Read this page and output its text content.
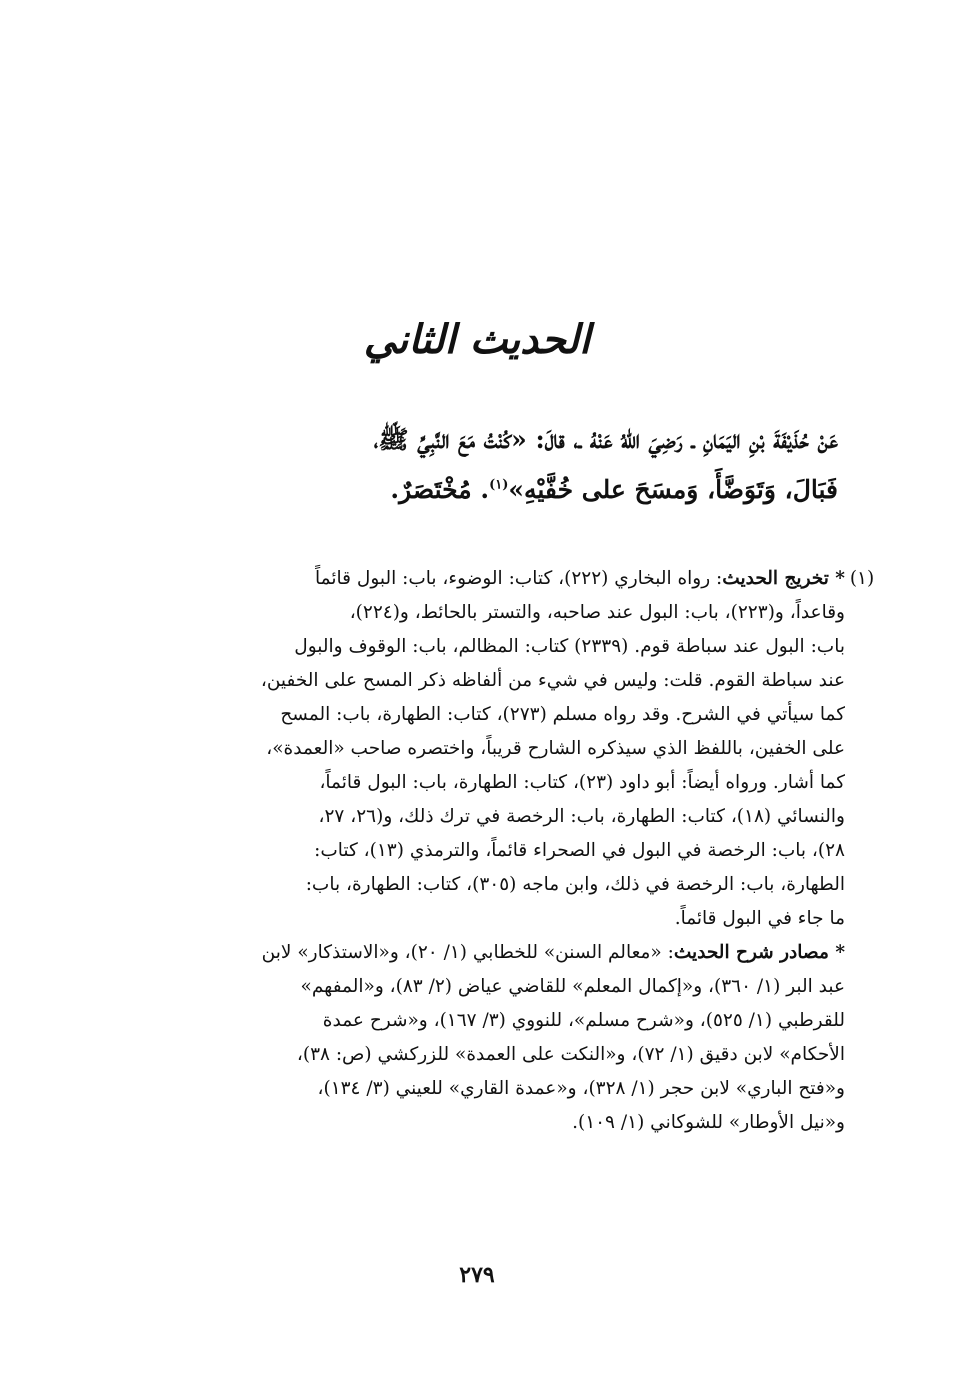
الحديث الثاني

عَنْ حُذَيْفَةَ بْنِ اليَمَانِ ـ رَضِيَ اللهُ عَنْهُ ـ، قالَ: «كُنْتُ مَعَ النَّبِيِّ ﷺ،
فَبَالَ، وَتَوَضَّأَ، وَمسَحَ على خُفَّيْهِ»$^{(١)}$. مُخْتَصَرٌ.

(١)
* تخريج الحديث: رواه البخاري (٢٢٢)، كتاب: الوضوء، باب: البول قائماً
وقاعداً، و(٢٢٣)، باب: البول عند صاحبه، والتستر بالحائط، و(٢٢٤)،
باب: البول عند سباطة قوم. (٢٣٣٩) كتاب: المظالم، باب: الوقوف والبول
عند سباطة القوم. قلت: وليس في شيء من ألفاظه ذكر المسح على الخفين،
كما سيأتي في الشرح. وقد رواه مسلم (٢٧٣)، كتاب: الطهارة، باب: المسح
على الخفين، باللفظ الذي سيذكره الشارح قريباً، واختصره صاحب «العمدة»،
كما أشار. ورواه أيضاً: أبو داود (٢٣)، كتاب: الطهارة، باب: البول قائماً،
والنسائي (١٨)، كتاب: الطهارة، باب: الرخصة في ترك ذلك، و(٢٦، ٢٧،
٢٨)، باب: الرخصة في البول في الصحراء قائماً، والترمذي (١٣)، كتاب:
الطهارة، باب: الرخصة في ذلك، وابن ماجه (٣٠٥)، كتاب: الطهارة، باب:
ما جاء في البول قائماً.
* مصادر شرح الحديث: «معالم السنن» للخطابي (١/ ٢٠)، و«الاستذكار» لابن
عبد البر (١/ ٣٦٠)، و«إكمال المعلم» للقاضي عياض (٢/ ٨٣)، و«المفهم»
للقرطبي (١/ ٥٢٥)، و«شرح مسلم»، للنووي (٣/ ١٦٧)، و«شرح عمدة
الأحكام» لابن دقيق (١/ ٧٢)، و«النكت على العمدة» للزركشي (ص: ٣٨)،
و«فتح الباري» لابن حجر (١/ ٣٢٨)، و«عمدة القاري» للعيني (٣/ ١٣٤)،
و«نيل الأوطار» للشوكاني (١/ ١٠٩).
٢٧٩
